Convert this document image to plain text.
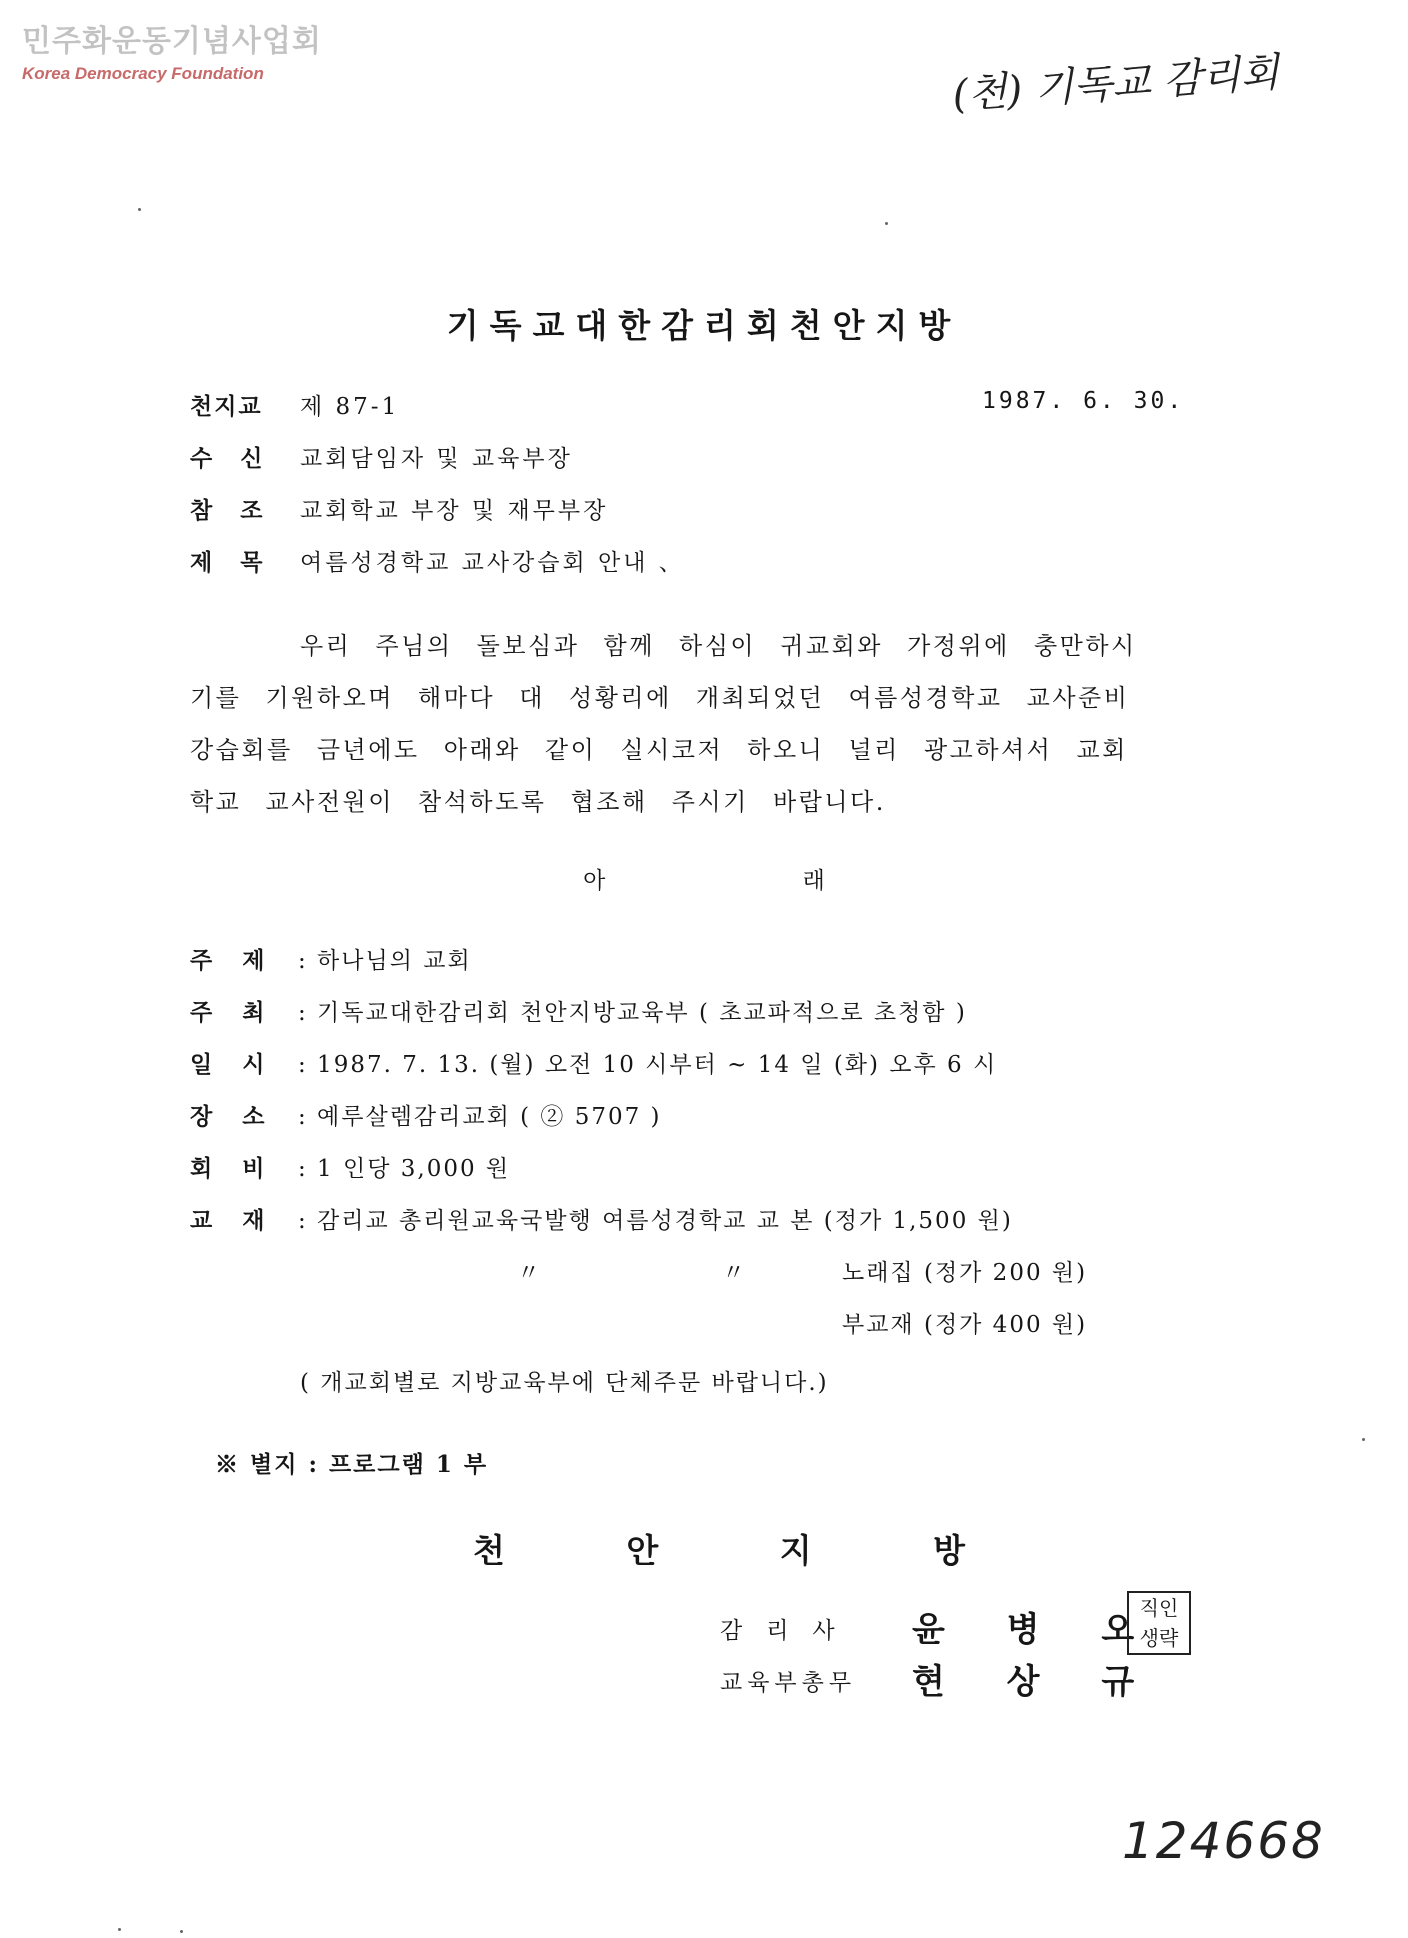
민주화운동기념사업회
Korea Democracy Foundation	(천) 기독교 감리회
124668
기독교대한감리회천안지방
천지교 제 87-1	1987. 6. 30.
수 신 교회담임자 및 교육부장
참 조 교회학교 부장 및 재무부장
제 목 여름성경학교 교사강습회 안내 、
우리 주님의 돌보심과 함께 하심이 귀교회와 가정위에 충만하시
기를 기원하오며 해마다 대 성황리에 개최되었던 여름성경학교 교사준비
강습회를 금년에도 아래와 같이 실시코저 하오니 널리 광고하셔서 교회
학교 교사전원이 참석하도록 협조해 주시기 바랍니다.
아 래
주 제 : 하나님의 교회
주 최 : 기독교대한감리회 천안지방교육부 ( 초교파적으로 초청함 )
일 시 : 1987. 7. 13. (월) 오전 10 시부터 ~ 14 일 (화) 오후 6 시
장 소 : 예루살렘감리교회 ( ② 5707 )
회 비 : 1 인당 3,000 원
교 재 : 감리교 총리원교육국발행 여름성경학교 교 본 (정가 1,500 원)
〃	〃	노래집 (정가 200 원)
부교재 (정가 400 원)
( 개교회별로 지방교육부에 단체주문 바랍니다.)
※ 별지 : 프로그램 1 부
천 안 지 방
감리사 윤 병 오
교육부총무 현 상 규
직인
생략
